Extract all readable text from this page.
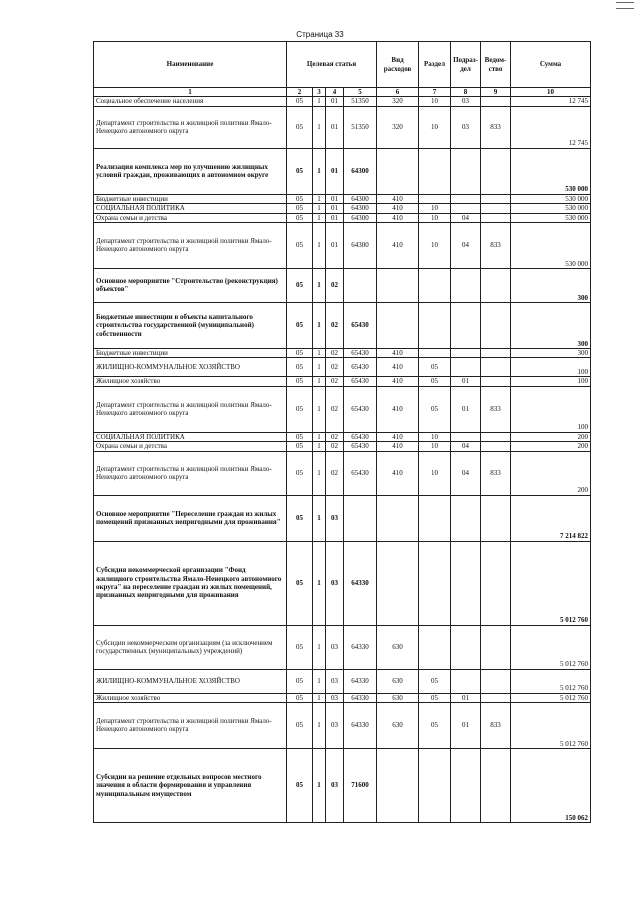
Страница 33
Наименование	Целевая статья				Вид расходов	Раздел	Подраз-дел	Ведом-ство	Сумма
1	2	3	4	5	6	7	8	9	10
Социальное обеспечение населения	05	1	01	51350	320	10	03		12 745
Департамент строительства и жилищной политики Ямало-Ненецкого автономного округа	05	1	01	51350	320	10	03	833	12 745
Реализация комплекса мер по улучшению жилищных условий граждан, проживающих в автономном округе	05	1	01	64300					530 000
Бюджетные инвестиции	05	1	01	64300	410				530 000
СОЦИАЛЬНАЯ ПОЛИТИКА	05	1	01	64300	410	10			530 000
Охрана семьи и детства	05	1	01	64300	410	10	04		530 000
Департамент строительства и жилищной политики Ямало-Ненецкого автономного округа	05	1	01	64300	410	10	04	833	530 000
Основное мероприятие "Строительство (реконструкция) объектов"	05	1	02						300
Бюджетные инвестиции в объекты капитального строительства государственной (муниципальной) собственности	05	1	02	65430					300
Бюджетные инвестиции	05	1	02	65430	410				300
ЖИЛИЩНО-КОММУНАЛЬНОЕ ХОЗЯЙСТВО	05	1	02	65430	410	05			100
Жилищное хозяйство	05	1	02	65430	410	05	01		100
Департамент строительства и жилищной политики Ямало-Ненецкого автономного округа	05	1	02	65430	410	05	01	833	100
СОЦИАЛЬНАЯ ПОЛИТИКА	05	1	02	65430	410	10			200
Охрана семьи и детства	05	1	02	65430	410	10	04		200
Департамент строительства и жилищной политики Ямало-Ненецкого автономного округа	05	1	02	65430	410	10	04	833	200
Основное мероприятие "Переселение граждан из жилых помещений признанных непригодными для проживания"	05	1	03						7 214 822
Субсидия некоммерческой организации "Фонд жилищного строительства Ямало-Ненецкого автономного округа" на переселение граждан из жилых помещений, признанных непригодными для проживания	05	1	03	64330					5 012 760
Субсидии некоммерческим организациям (за исключением государственных (муниципальных) учреждений)	05	1	03	64330	630				5 012 760
ЖИЛИЩНО-КОММУНАЛЬНОЕ ХОЗЯЙСТВО	05	1	03	64330	630	05			5 012 760
Жилищное хозяйство	05	1	03	64330	630	05	01		5 012 760
Департамент строительства и жилищной политики Ямало-Ненецкого автономного округа	05	1	03	64330	630	05	01	833	5 012 760
Субсидии на решение отдельных вопросов местного значения в области формирования и управления муниципальным имуществом	05	1	03	71600					150 062
